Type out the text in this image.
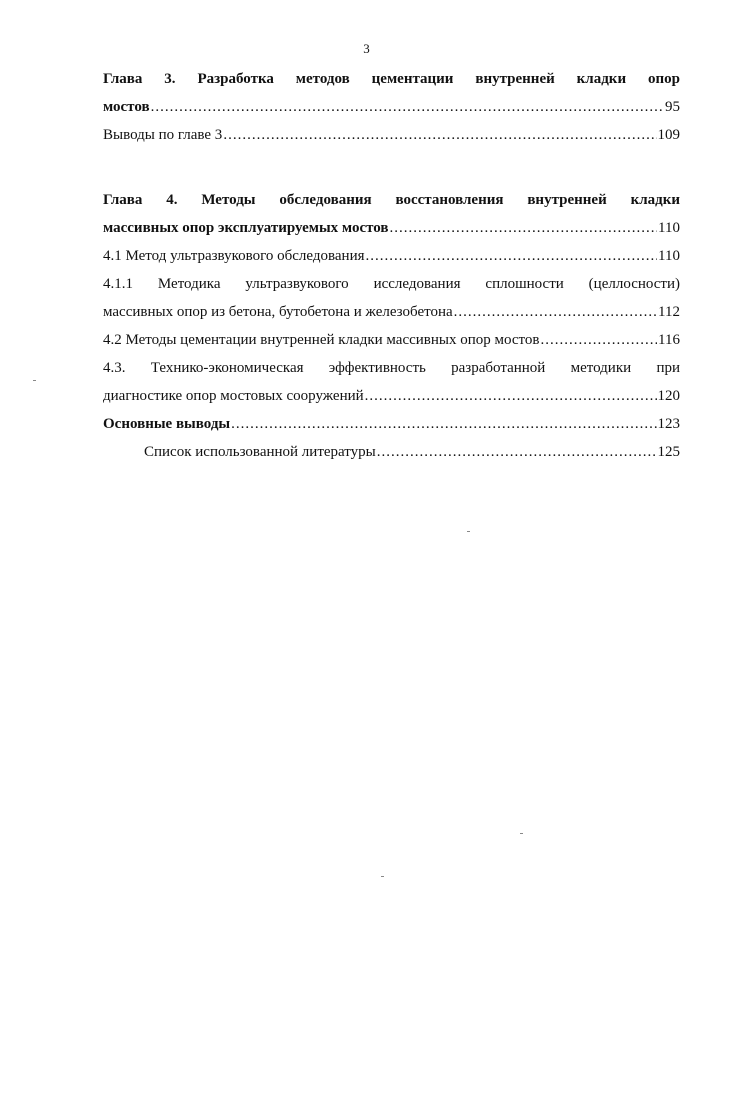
3
Глава 3. Разработка методов цементации внутренней кладки опор
мостов .....	95
Выводы по главе 3 .....	109
Глава 4. Методы обследования восстановления внутренней кладки
массивных опор эксплуатируемых мостов .....	110
4.1 Метод ультразвукового обследования .....	110
4.1.1 Методика ультразвукового исследования сплошности (целлосности)
массивных опор из бетона, бутобетона и железобетона .....	112
4.2 Методы цементации внутренней кладки массивных опор мостов .....	116
4.3. Технико-экономическая эффективность разработанной методики при
диагностике опор мостовых сооружений .....	120
Основные выводы .....	123
Список использованной литературы .....	125
